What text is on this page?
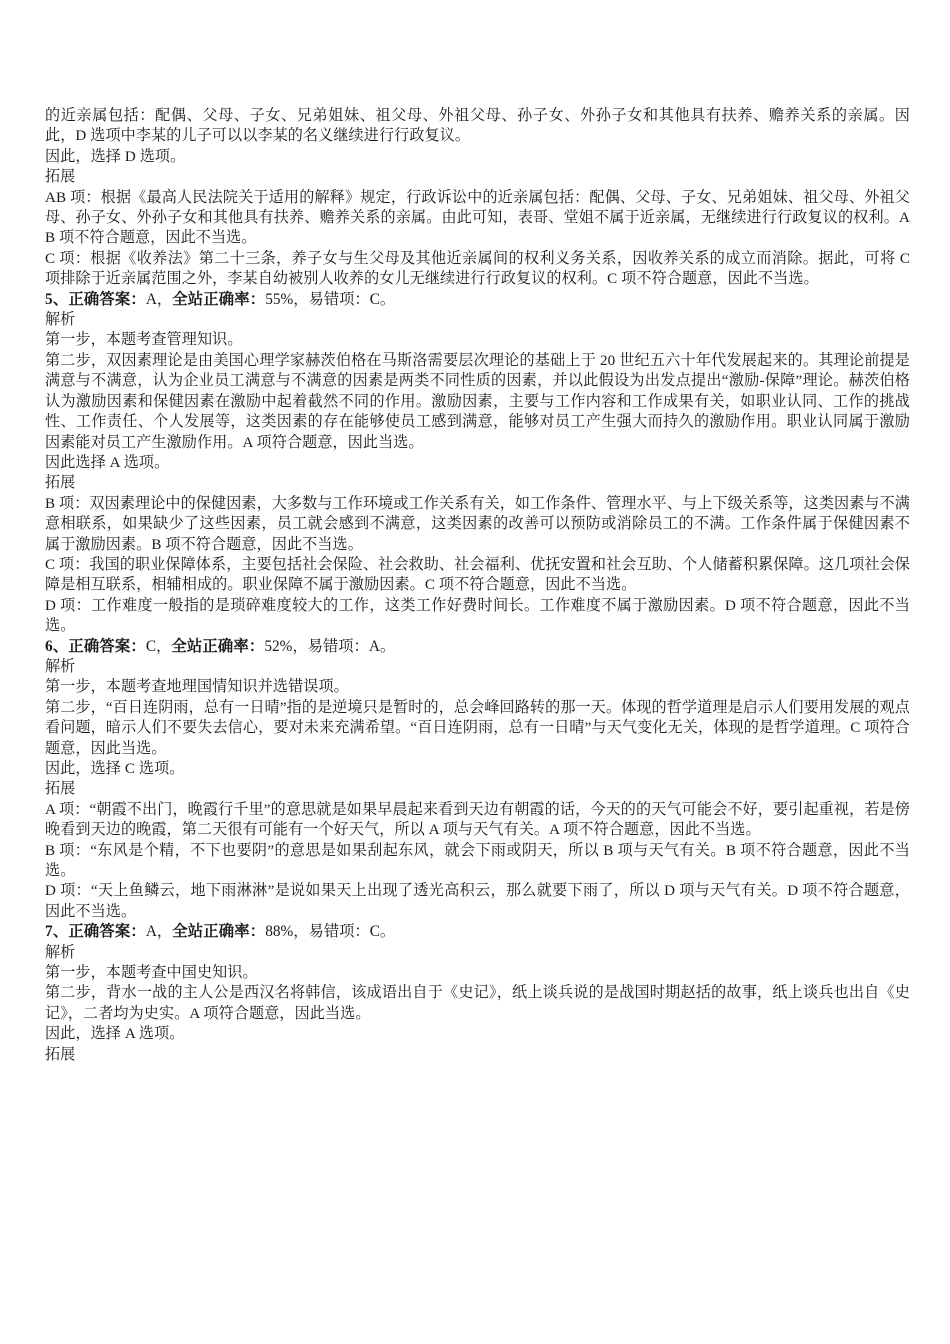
的近亲属包括：配偶、父母、子女、兄弟姐妹、祖父母、外祖父母、孙子女、外孙子女和其他具有扶养、赡养关系的亲属。因此，D 选项中李某的儿子可以以李某的名义继续进行行政复议。

因此，选择 D 选项。

拓展

AB 项：根据《最高人民法院关于适用的解释》规定，行政诉讼中的近亲属包括：配偶、父母、子女、兄弟姐妹、祖父母、外祖父母、孙子女、外孙子女和其他具有扶养、赡养关系的亲属。由此可知，表哥、堂姐不属于近亲属，无继续进行行政复议的权利。AB 项不符合题意，因此不当选。

C 项：根据《收养法》第二十三条，养子女与生父母及其他近亲属间的权利义务关系，因收养关系的成立而消除。据此，可将 C 项排除于近亲属范围之外，李某自幼被别人收养的女儿无继续进行行政复议的权利。C 项不符合题意，因此不当选。

5、正确答案：A，全站正确率：55%，易错项：C。

解析

第一步，本题考查管理知识。

第二步，双因素理论是由美国心理学家赫茨伯格在马斯洛需要层次理论的基础上于 20 世纪五六十年代发展起来的。其理论前提是满意与不满意，认为企业员工满意与不满意的因素是两类不同性质的因素，并以此假设为出发点提出“激励-保障”理论。赫茨伯格认为激励因素和保健因素在激励中起着截然不同的作用。激励因素，主要与工作内容和工作成果有关，如职业认同、工作的挑战性、工作责任、个人发展等，这类因素的存在能够使员工感到满意，能够对员工产生强大而持久的激励作用。职业认同属于激励因素能对员工产生激励作用。A 项符合题意，因此当选。

因此选择 A 选项。

拓展

B 项：双因素理论中的保健因素，大多数与工作环境或工作关系有关，如工作条件、管理水平、与上下级关系等，这类因素与不满意相联系，如果缺少了这些因素，员工就会感到不满意，这类因素的改善可以预防或消除员工的不满。工作条件属于保健因素不属于激励因素。B 项不符合题意，因此不当选。

C 项：我国的职业保障体系，主要包括社会保险、社会救助、社会福利、优抚安置和社会互助、个人储蓄积累保障。这几项社会保障是相互联系，相辅相成的。职业保障不属于激励因素。C 项不符合题意，因此不当选。

D 项：工作难度一般指的是琐碎难度较大的工作，这类工作好费时间长。工作难度不属于激励因素。D 项不符合题意，因此不当选。

6、正确答案：C，全站正确率：52%，易错项：A。

解析

第一步，本题考查地理国情知识并选错误项。

第二步，“百日连阴雨，总有一日晴”指的是逆境只是暂时的，总会峰回路转的那一天。体现的哲学道理是启示人们要用发展的观点看问题，暗示人们不要失去信心，要对未来充满希望。“百日连阴雨，总有一日晴”与天气变化无关，体现的是哲学道理。C 项符合题意，因此当选。

因此，选择 C 选项。

拓展

A 项：“朝霞不出门，晚霞行千里”的意思就是如果早晨起来看到天边有朝霞的话，今天的的天气可能会不好，要引起重视，若是傍晚看到天边的晚霞，第二天很有可能有一个好天气，所以 A 项与天气有关。A 项不符合题意，因此不当选。

B 项：“东风是个精，不下也要阴”的意思是如果刮起东风，就会下雨或阴天，所以 B 项与天气有关。B 项不符合题意，因此不当选。

D 项：“天上鱼鳞云，地下雨淋淋”是说如果天上出现了透光高积云，那么就要下雨了，所以 D 项与天气有关。D 项不符合题意，因此不当选。

7、正确答案：A，全站正确率：88%，易错项：C。

解析

第一步，本题考查中国史知识。

第二步，背水一战的主人公是西汉名将韩信，该成语出自于《史记》，纸上谈兵说的是战国时期赵括的故事，纸上谈兵也出自《史记》，二者均为史实。A 项符合题意，因此当选。

因此，选择 A 选项。

拓展
